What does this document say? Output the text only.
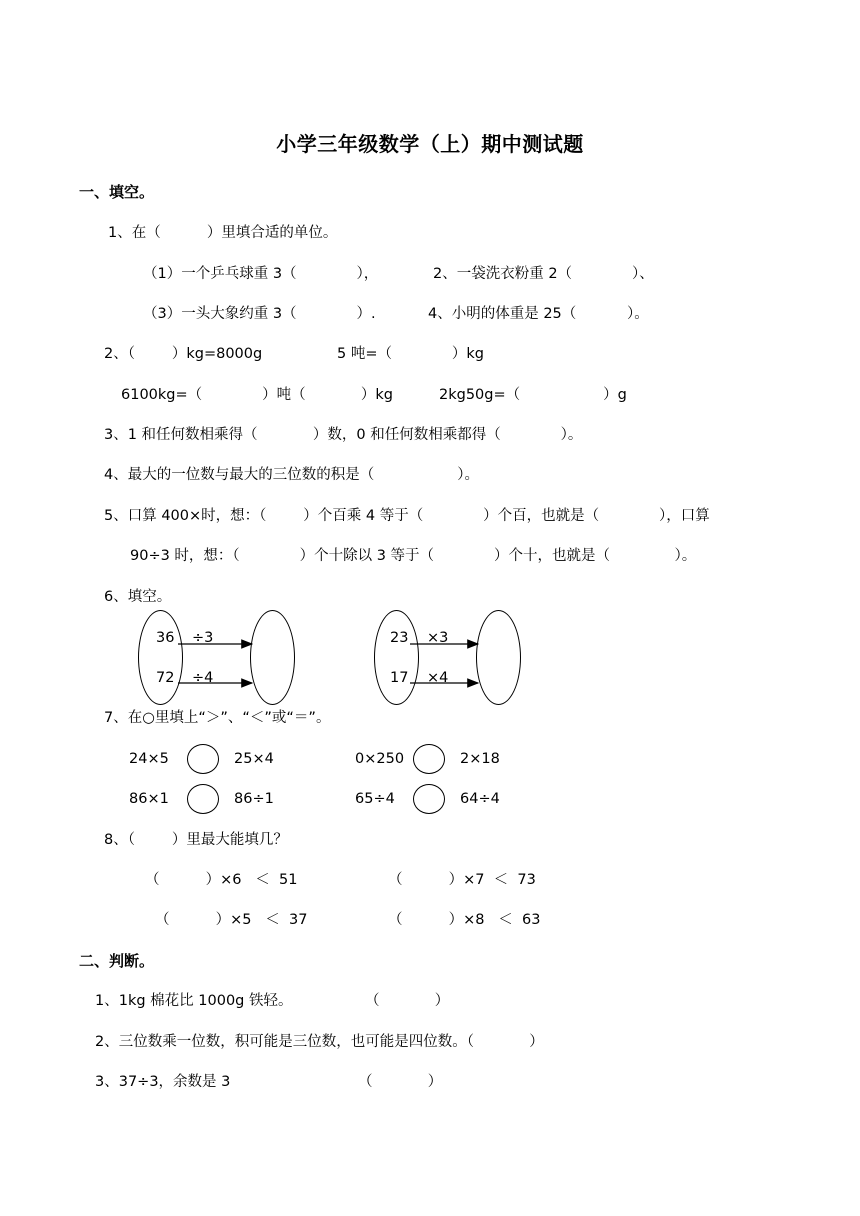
小学三年级数学（上）期中测试题
一、填空。
1、在（          ）里填合适的单位。
（1）一个乒乓球重 3（             ），	2、一袋洗衣粉重 2（             ）、
（3）一头大象约重 3（             ）.	4、小明的体重是 25（           ）。
2、（        ）kg=8000g	5 吨=（             ）kg
6100kg=（             ）吨（            ）kg	2kg50g=（                  ）g
3、1 和任何数相乘得（            ）数，0 和任何数相乘都得（             ）。
4、最大的一位数与最大的三位数的积是（                  ）。
5、口算 400×时，想：（        ）个百乘 4 等于（             ）个百，也就是（             ），口算
90÷3 时，想：（             ）个十除以 3 等于（             ）个十，也就是（              ）。
6、填空。
36 ÷3
72 ÷4
23 ×3
17 ×4
7、在○里填上“＞”、“＜”或“＝”。
24×5	25×4	0×250	2×18
86×1	86÷1	65÷4	64÷4
8、（        ）里最大能填几？
（          ）×6   ＜  51	（          ）×7  ＜  73
（          ）×5   ＜  37	（          ）×8   ＜  63
二、判断。
1、1kg 棉花比 1000g 铁轻。	（            ）
2、三位数乘一位数，积可能是三位数，也可能是四位数。（            ）
3、37÷3，余数是 3	（            ）
